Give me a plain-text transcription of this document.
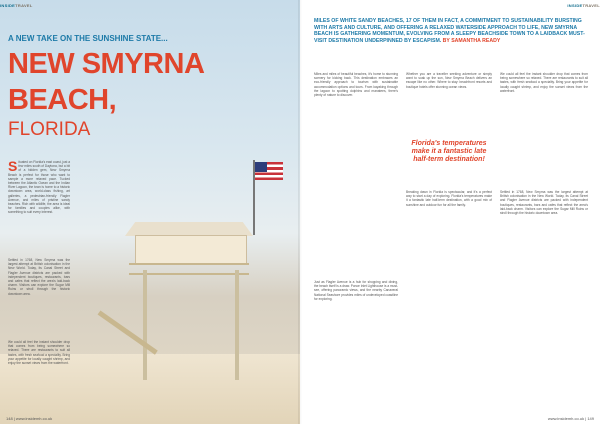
INSIDETRAVEL
A NEW TAKE ON THE SUNSHINE STATE...
NEW SMYRNA
BEACH,
FLORIDA
Situated on Florida's east coast, just a few miles south of Daytona, but a bit of a hidden gem, New Smyrna Beach is perfect for those who want to sample a more relaxed pace. Tucked between the Atlantic Ocean and the Indian River Lagoon, the town is home to a historic downtown area, world-class fishing, art galleries, a pedestrian-friendly Flagler Avenue, and miles of pristine sandy beaches. Rich with wildlife, the area is ideal for families and couples alike, with something to suit every interest.
Settled in 1768, New Smyrna was the largest attempt at British colonisation in the New World. Today, its Canal Street and Flagler Avenue districts are packed with independent boutiques, restaurants, bars and cafes that reflect the area's laid-back charm. Visitors can explore the Sugar Mill Ruins or stroll through the historic downtown area.
We could all feel the instant shoulder drop that comes from being somewhere so relaxed. There are restaurants to suit all tastes, with fresh seafood a speciality. Bring your appetite for locally caught shrimp, and enjoy the sunset views from the waterfront.
148 | www.insidemh.co.uk
INSIDETRAVEL
MILES OF WHITE SANDY BEACHES, 17 OF THEM IN FACT, A COMMITMENT TO SUSTAINABILITY BURSTING WITH ARTS AND CULTURE, AND OFFERING A RELAXED WATERSIDE APPROACH TO LIFE, NEW SMYRNA BEACH IS GATHERING MOMENTUM, EVOLVING FROM A SLEEPY BEACHSIDE TOWN TO A LAIDBACK MUST-VISIT DESTINATION UNDERPINNED BY ESCAPISM. BY SAMANTHA READY
Miles and miles of beautiful beaches, it's home to stunning scenery for kicking back. This destination embraces an eco-friendly approach to tourism with sustainable accommodation options and tours. From kayaking through the lagoon to spotting dolphins and manatees, there's plenty of nature to discover.
Just as Flagler Avenue is a hub for shopping and dining, the beach itself is a draw. Ponce Inlet Lighthouse is a must-see, offering panoramic views, and the nearby Canaveral National Seashore provides miles of undeveloped coastline for exploring.
Whether you are a traveller seeking adventure or simply want to soak up the sun, New Smyrna Beach delivers an escape like no other. Where to stay: beachfront resorts and boutique hotels offer stunning ocean views.
Florida's temperatures make it a fantastic late half-term destination!
Breaking dawn in Florida is spectacular, and it's a perfect way to start a day of exploring. Florida's temperatures make it a fantastic late half-term destination, with a good mix of sunshine and outdoor fun for all the family.
We could all feel the instant shoulder drop that comes from being somewhere so relaxed. There are restaurants to suit all tastes, with fresh seafood a speciality. Bring your appetite for locally caught shrimp, and enjoy the sunset views from the waterfront.
Settled in 1768, New Smyrna was the largest attempt at British colonisation in the New World. Today, its Canal Street and Flagler Avenue districts are packed with independent boutiques, restaurants, bars and cafes that reflect the area's laid-back charm. Visitors can explore the Sugar Mill Ruins or stroll through the historic downtown area.
www.insidemh.co.uk | 149
